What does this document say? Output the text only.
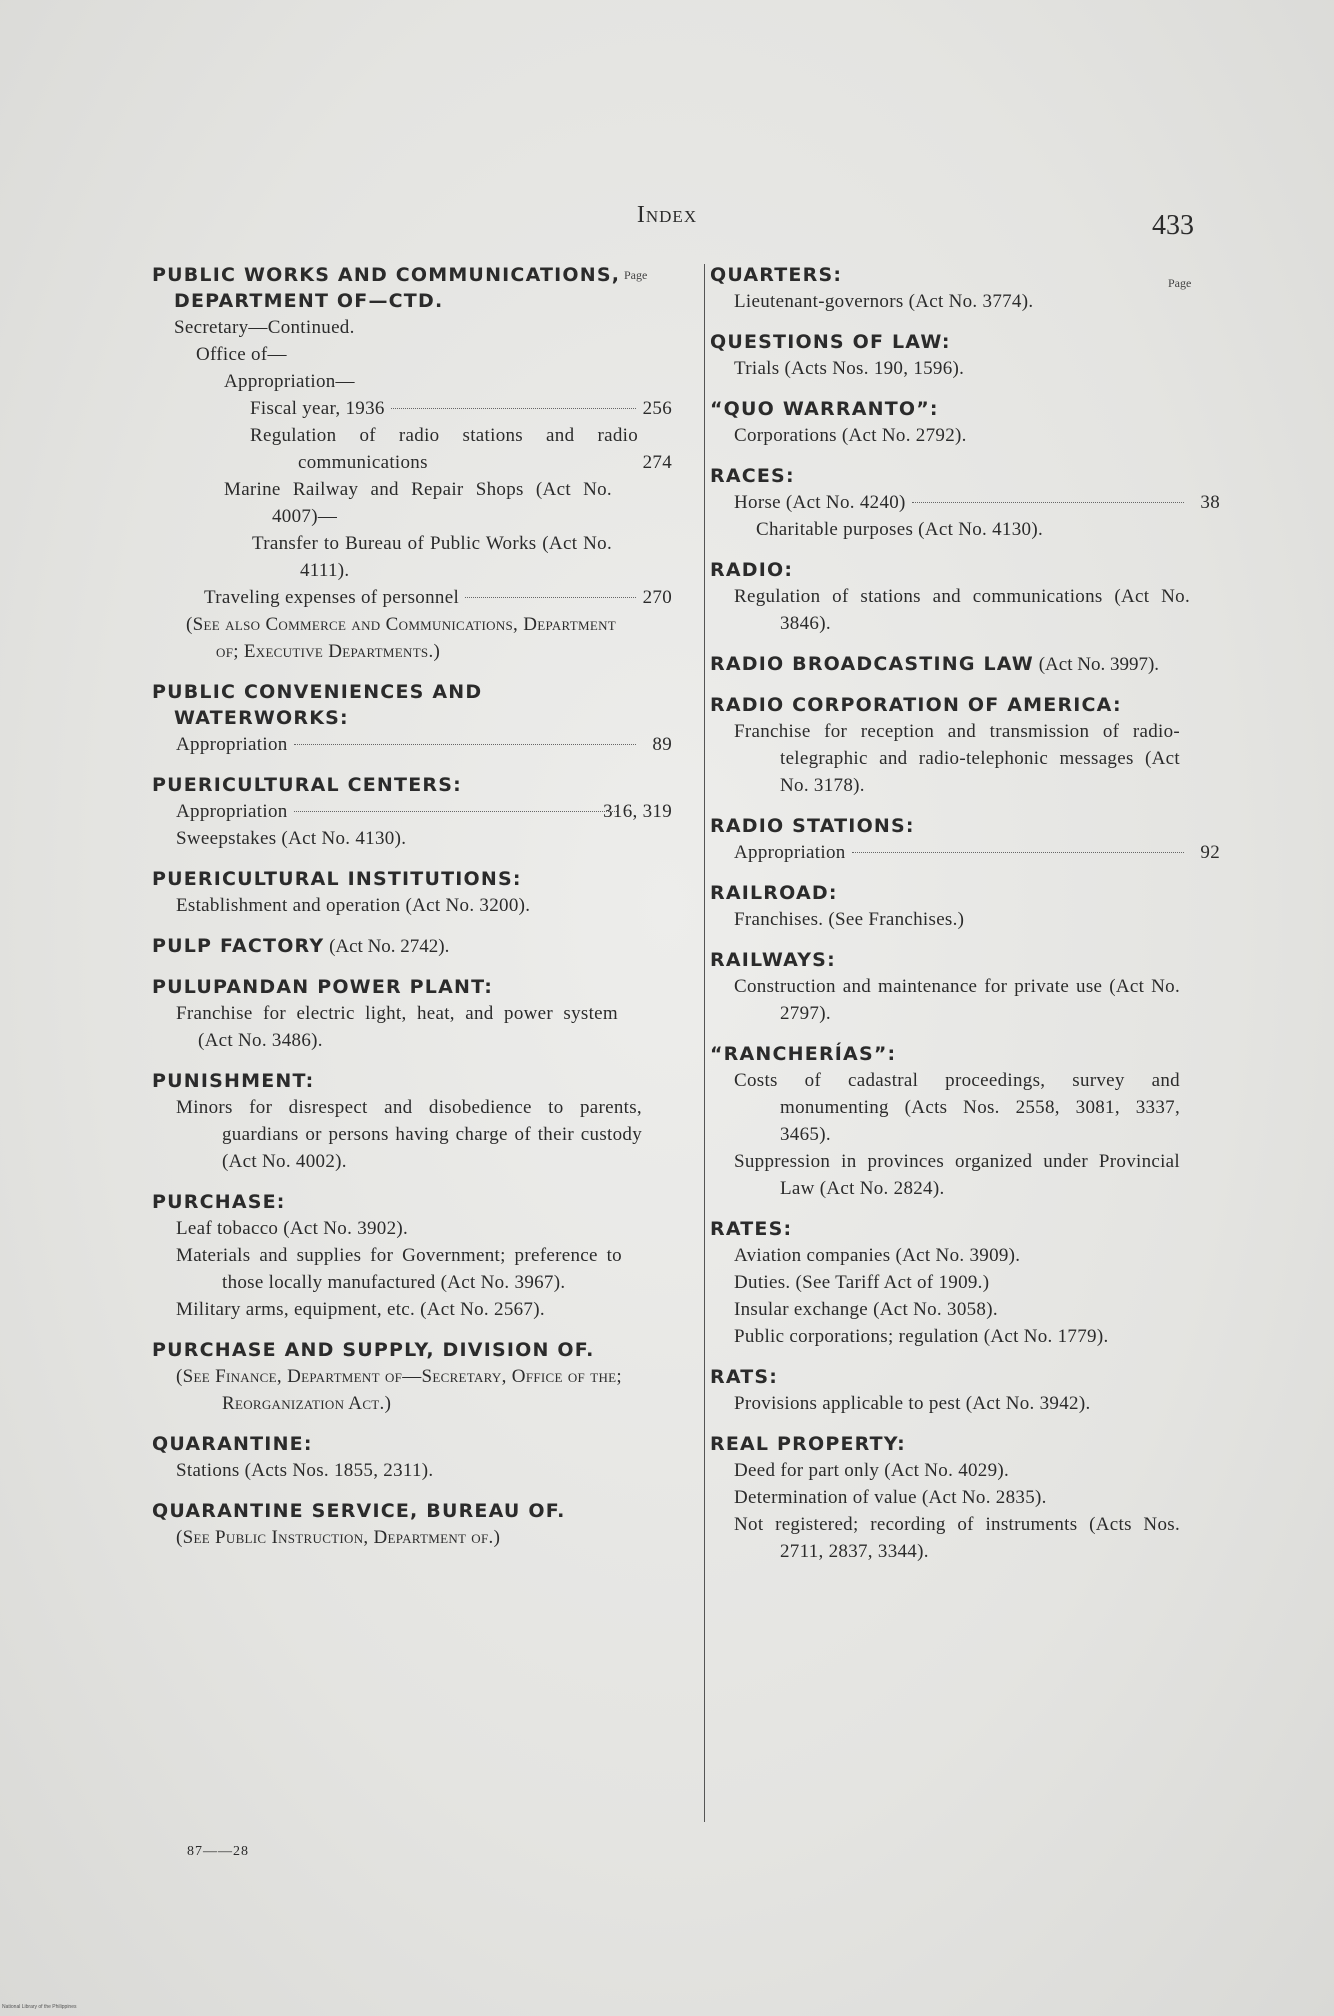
Index	433
Page
Page
PUBLIC WORKS AND COMMUNICATIONS, DEPARTMENT OF—CTD.
Secretary—Continued.
Office of—
Appropriation—
Fiscal year, 1936	256
Regulation of radio stations and radio communications	274
Marine Railway and Repair Shops (Act No. 4007)—
Transfer to Bureau of Public Works (Act No. 4111).
Traveling expenses of personnel	270
(See also Commerce and Communications, Department of; Executive Departments.)
PUBLIC CONVENIENCES AND WATERWORKS:
Appropriation	89
PUERICULTURAL CENTERS:
Appropriation	316, 319
Sweepstakes (Act No. 4130).
PUERICULTURAL INSTITUTIONS:
Establishment and operation (Act No. 3200).
PULP FACTORY (Act No. 2742).
PULUPANDAN POWER PLANT:
Franchise for electric light, heat, and power system (Act No. 3486).
PUNISHMENT:
Minors for disrespect and disobedience to parents, guardians or persons having charge of their custody (Act No. 4002).
PURCHASE:
Leaf tobacco (Act No. 3902).
Materials and supplies for Government; preference to those locally manufactured (Act No. 3967).
Military arms, equipment, etc. (Act No. 2567).
PURCHASE AND SUPPLY, DIVISION OF.
(See Finance, Department of—Secretary, Office of the; Reorganization Act.)
QUARANTINE:
Stations (Acts Nos. 1855, 2311).
QUARANTINE SERVICE, BUREAU OF.
(See Public Instruction, Department of.)
QUARTERS:
Lieutenant-governors (Act No. 3774).
QUESTIONS OF LAW:
Trials (Acts Nos. 190, 1596).
“QUO WARRANTO”:
Corporations (Act No. 2792).
RACES:
Horse (Act No. 4240)	38
Charitable purposes (Act No. 4130).
RADIO:
Regulation of stations and communications (Act No. 3846).
RADIO BROADCASTING LAW (Act No. 3997).
RADIO CORPORATION OF AMERICA:
Franchise for reception and transmission of radio-telegraphic and radio-telephonic messages (Act No. 3178).
RADIO STATIONS:
Appropriation	92
RAILROAD:
Franchises. (See Franchises.)
RAILWAYS:
Construction and maintenance for private use (Act No. 2797).
“RANCHERÍAS”:
Costs of cadastral proceedings, survey and monumenting (Acts Nos. 2558, 3081, 3337, 3465).
Suppression in provinces organized under Provincial Law (Act No. 2824).
RATES:
Aviation companies (Act No. 3909).
Duties. (See Tariff Act of 1909.)
Insular exchange (Act No. 3058).
Public corporations; regulation (Act No. 1779).
RATS:
Provisions applicable to pest (Act No. 3942).
REAL PROPERTY:
Deed for part only (Act No. 4029).
Determination of value (Act No. 2835).
Not registered; recording of instruments (Acts Nos. 2711, 2837, 3344).
87——28
National Library of the Philippines
